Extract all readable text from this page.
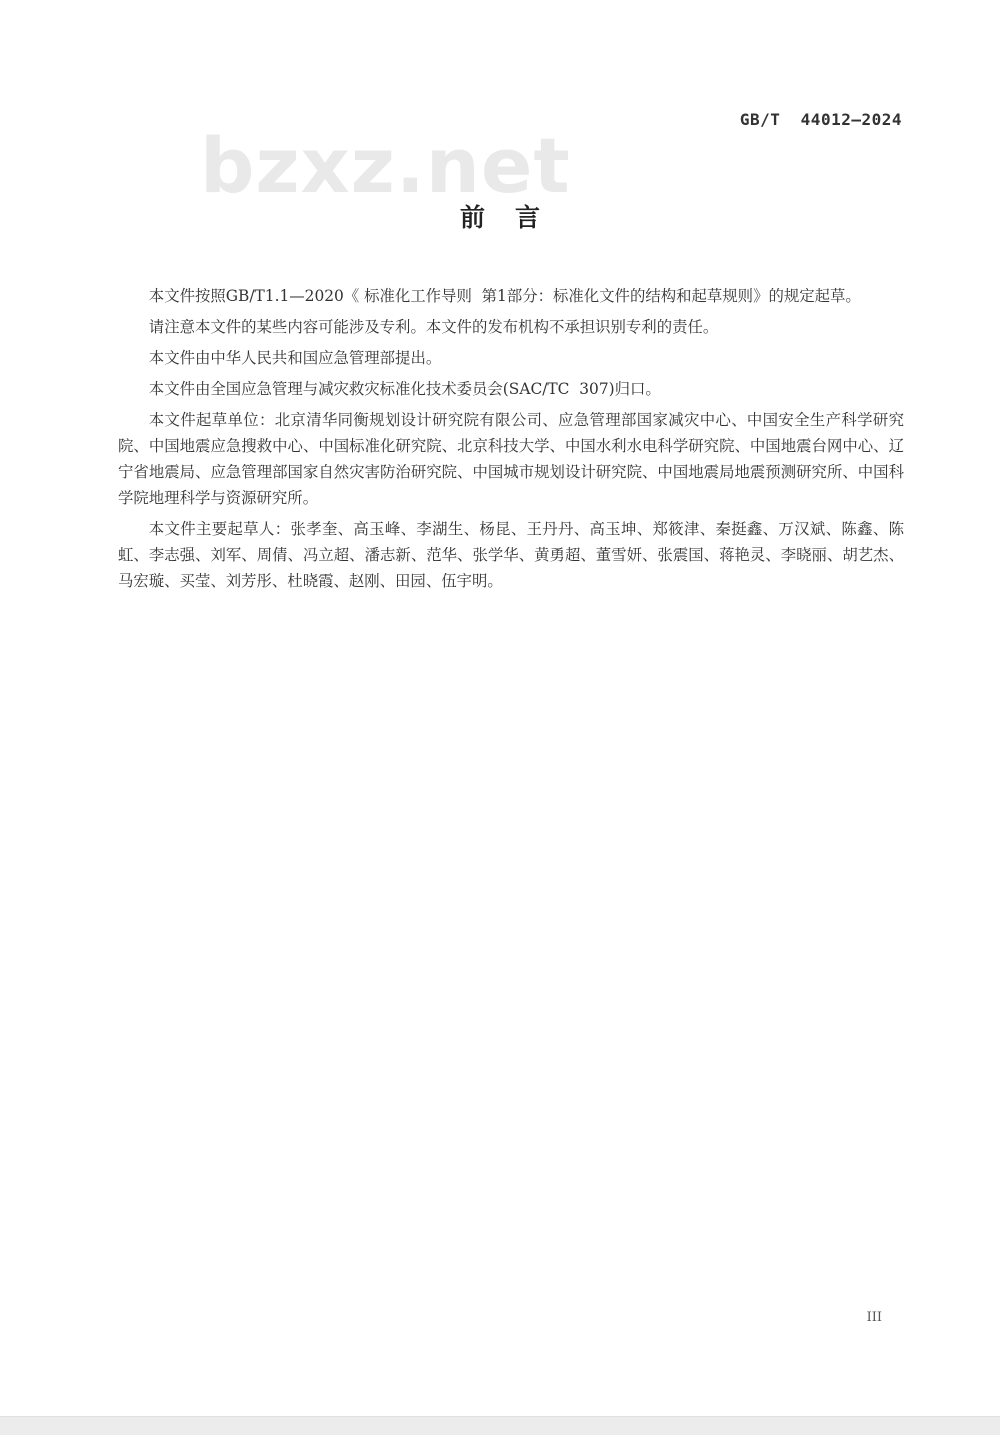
GB/T  44012—2024
bzxz.net
前言

本文件按照GB/T1.1—2020《 标准化工作导则  第1部分：标准化文件的结构和起草规则》的规定起草。

请注意本文件的某些内容可能涉及专利。本文件的发布机构不承担识别专利的责任。

本文件由中华人民共和国应急管理部提出。

本文件由全国应急管理与减灾救灾标准化技术委员会(SAC/TC  307)归口。

本文件起草单位：北京清华同衡规划设计研究院有限公司、应急管理部国家减灾中心、中国安全生产科学研究院、中国地震应急搜救中心、中国标准化研究院、北京科技大学、中国水利水电科学研究院、中国地震台网中心、辽宁省地震局、应急管理部国家自然灾害防治研究院、中国城市规划设计研究院、中国地震局地震预测研究所、中国科学院地理科学与资源研究所。

本文件主要起草人：张孝奎、高玉峰、李湖生、杨昆、王丹丹、高玉坤、郑筱津、秦挺鑫、万汉斌、陈鑫、陈虹、李志强、刘军、周倩、冯立超、潘志新、范华、张学华、黄勇超、董雪妍、张震国、蒋艳灵、李晓丽、胡艺杰、马宏璇、买莹、刘芳彤、杜晓霞、赵刚、田园、伍宇明。

III
